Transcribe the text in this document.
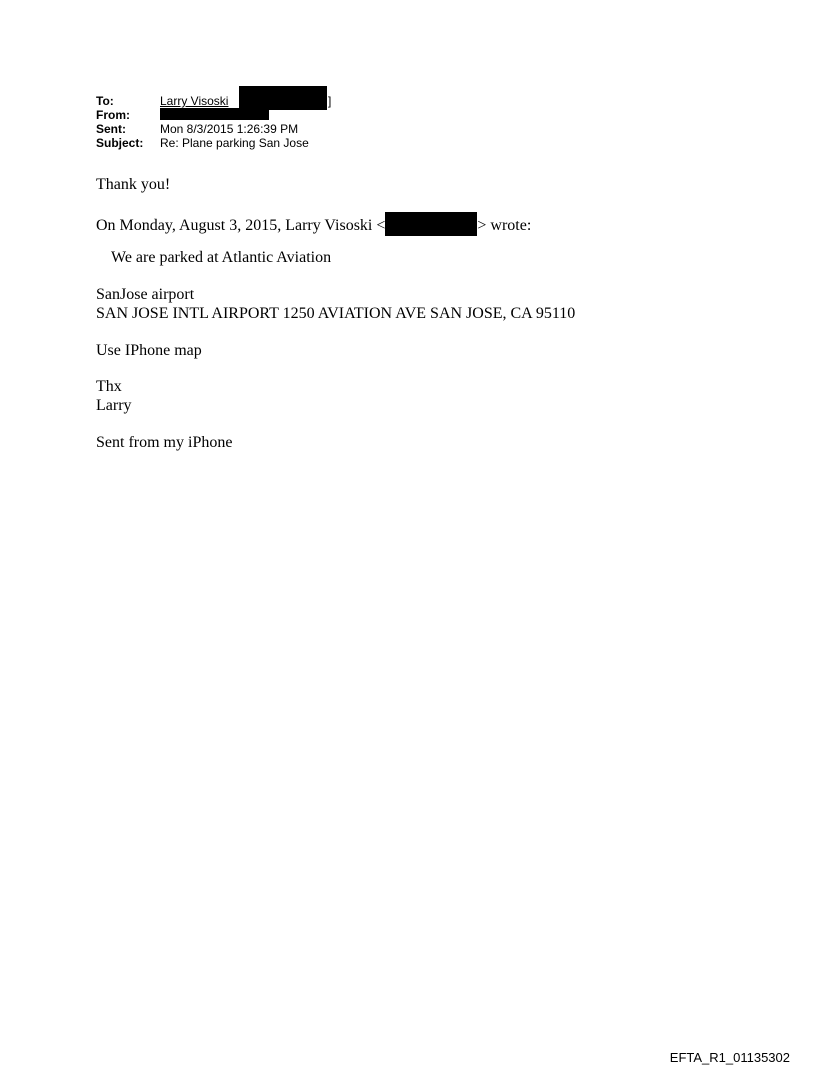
To:	Larry Visoski	]
From:
Sent:	Mon 8/3/2015 1:26:39 PM
Subject: Re: Plane parking San Jose
Thank you!
On Monday, August 3, 2015, Larry Visoski <	> wrote:
We are parked at Atlantic Aviation
SanJose airport
SAN JOSE INTL AIRPORT 1250 AVIATION AVE SAN JOSE, CA 95110
Use IPhone map
Thx
Larry
Sent from my iPhone
EFTA_R1_01135302
